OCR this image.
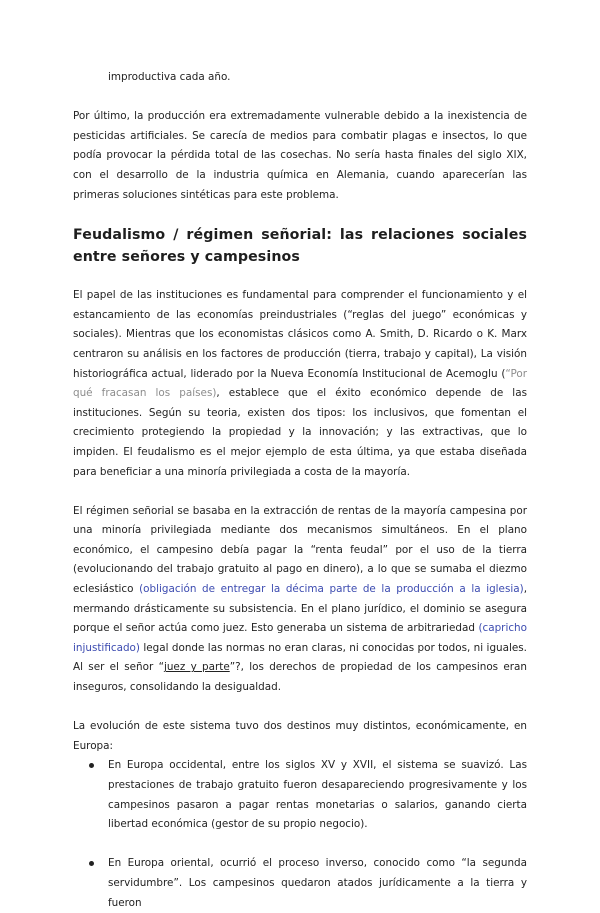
improductiva cada año.

Por último, la producción era extremadamente vulnerable debido a la inexistencia de pesticidas artificiales. Se carecía de medios para combatir plagas e insectos, lo que podía provocar la pérdida total de las cosechas. No sería hasta finales del siglo XIX, con el desarrollo de la industria química en Alemania, cuando aparecerían las primeras soluciones sintéticas para este problema.

Feudalismo / régimen señorial: las relaciones sociales entre señores y campesinos

El papel de las instituciones es fundamental para comprender el funcionamiento y el estancamiento de las economías preindustriales (“reglas del juego” económicas y sociales). Mientras que los economistas clásicos como A. Smith, D. Ricardo o K. Marx centraron su análisis en los factores de producción (tierra, trabajo y capital), La visión historiográfica actual, liderado por la Nueva Economía Institucional de Acemoglu (“Por qué fracasan los países), establece que el éxito económico depende de las instituciones. Según su teoria, existen dos tipos: los inclusivos, que fomentan el crecimiento protegiendo la propiedad y la innovación; y las extractivas, que lo impiden. El feudalismo es el mejor ejemplo de esta última, ya que estaba diseñada para beneficiar a una minoría privilegiada a costa de la mayoría.

El régimen señorial se basaba en la extracción de rentas de la mayoría campesina por una minoría privilegiada mediante dos mecanismos simultáneos. En el plano económico, el campesino debía pagar la “renta feudal” por el uso de la tierra (evolucionando del trabajo gratuito al pago en dinero), a lo que se sumaba el diezmo eclesiástico (obligación de entregar la décima parte de la producción a la iglesia), mermando drásticamente su subsistencia. En el plano jurídico, el dominio se asegura porque el señor actúa como juez. Esto generaba un sistema de arbitrariedad (capricho injustificado) legal donde las normas no eran claras, ni conocidas por todos, ni iguales. Al ser el señor “juez y parte”?, los derechos de propiedad de los campesinos eran inseguros, consolidando la desigualdad.

La evolución de este sistema tuvo dos destinos muy distintos, económicamente, en Europa:

En Europa occidental, entre los siglos XV y XVII, el sistema se suavizó. Las prestaciones de trabajo gratuito fueron desapareciendo progresivamente y los campesinos pasaron a pagar rentas monetarias o salarios, ganando cierta libertad económica (gestor de su propio negocio).
En Europa oriental, ocurrió el proceso inverso, conocido como “la segunda servidumbre”. Los campesinos quedaron atados jurídicamente a la tierra y fueron
